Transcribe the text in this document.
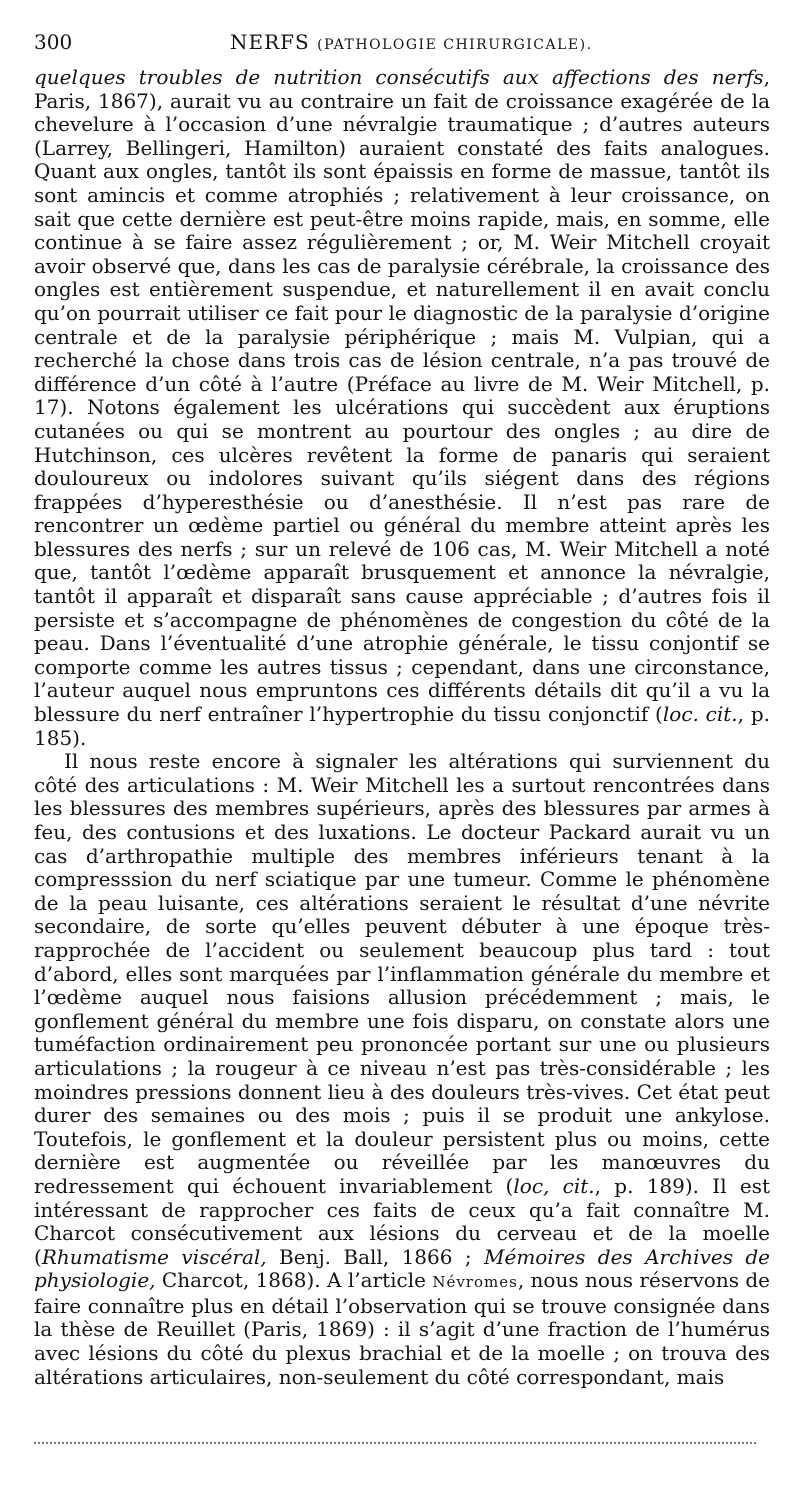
300	NERFS (PATHOLOGIE CHIRURGICALE).

quelques troubles de nutrition consécutifs aux affections des nerfs, Paris, 1867), aurait vu au contraire un fait de croissance exagérée de la chevelure à l’occasion d’une névralgie traumatique ; d’autres auteurs (Larrey, Bellingeri, Hamilton) auraient constaté des faits analogues. Quant aux ongles, tantôt ils sont épaissis en forme de massue, tantôt ils sont amincis et comme atrophiés ; relativement à leur croissance, on sait que cette dernière est peut-être moins rapide, mais, en somme, elle continue à se faire assez régulièrement ; or, M. Weir Mitchell croyait avoir observé que, dans les cas de paralysie cérébrale, la croissance des ongles est entièrement suspendue, et naturellement il en avait conclu qu’on pourrait utiliser ce fait pour le diagnostic de la paralysie d’origine centrale et de la paralysie périphérique ; mais M. Vulpian, qui a recherché la chose dans trois cas de lésion centrale, n’a pas trouvé de différence d’un côté à l’autre (Préface au livre de M. Weir Mitchell, p. 17). Notons également les ulcérations qui succèdent aux éruptions cutanées ou qui se montrent au pourtour des ongles ; au dire de Hutchinson, ces ulcères revêtent la forme de panaris qui seraient douloureux ou indolores suivant qu’ils siégent dans des régions frappées d’hyperesthésie ou d’anesthésie. Il n’est pas rare de rencontrer un œdème partiel ou général du membre atteint après les blessures des nerfs ; sur un relevé de 106 cas, M. Weir Mitchell a noté que, tantôt l’œdème apparaît brusquement et annonce la névralgie, tantôt il apparaît et disparaît sans cause appréciable ; d’autres fois il persiste et s’accompagne de phénomènes de congestion du côté de la peau. Dans l’éventualité d’une atrophie générale, le tissu conjontif se comporte comme les autres tissus ; cependant, dans une circonstance, l’auteur auquel nous empruntons ces différents détails dit qu’il a vu la blessure du nerf entraîner l’hypertrophie du tissu conjonctif (loc. cit., p. 185).

Il nous reste encore à signaler les altérations qui surviennent du côté des articulations : M. Weir Mitchell les a surtout rencontrées dans les blessures des membres supérieurs, après des blessures par armes à feu, des contusions et des luxations. Le docteur Packard aurait vu un cas d’arthropathie multiple des membres inférieurs tenant à la compresssion du nerf sciatique par une tumeur. Comme le phénomène de la peau luisante, ces altérations seraient le résultat d’une névrite secondaire, de sorte qu’elles peuvent débuter à une époque très-rapprochée de l’accident ou seulement beaucoup plus tard : tout d’abord, elles sont marquées par l’inflammation générale du membre et l’œdème auquel nous faisions allusion précédemment ; mais, le gonflement général du membre une fois disparu, on constate alors une tuméfaction ordinairement peu prononcée portant sur une ou plusieurs articulations ; la rougeur à ce niveau n’est pas très-considérable ; les moindres pressions donnent lieu à des douleurs très-vives. Cet état peut durer des semaines ou des mois ; puis il se produit une ankylose. Toutefois, le gonflement et la douleur persistent plus ou moins, cette dernière est augmentée ou réveillée par les manœuvres du redressement qui échouent invariablement (loc, cit., p. 189). Il est intéressant de rapprocher ces faits de ceux qu’a fait connaître M. Charcot consécutivement aux lésions du cerveau et de la moelle (Rhumatisme viscéral, Benj. Ball, 1866 ; Mémoires des Archives de physiologie, Charcot, 1868). A l’article Névromes, nous nous réservons de faire connaître plus en détail l’observation qui se trouve consignée dans la thèse de Reuillet (Paris, 1869) : il s’agit d’une fraction de l’humérus avec lésions du côté du plexus brachial et de la moelle ; on trouva des altérations articulaires, non-seulement du côté correspondant, mais
